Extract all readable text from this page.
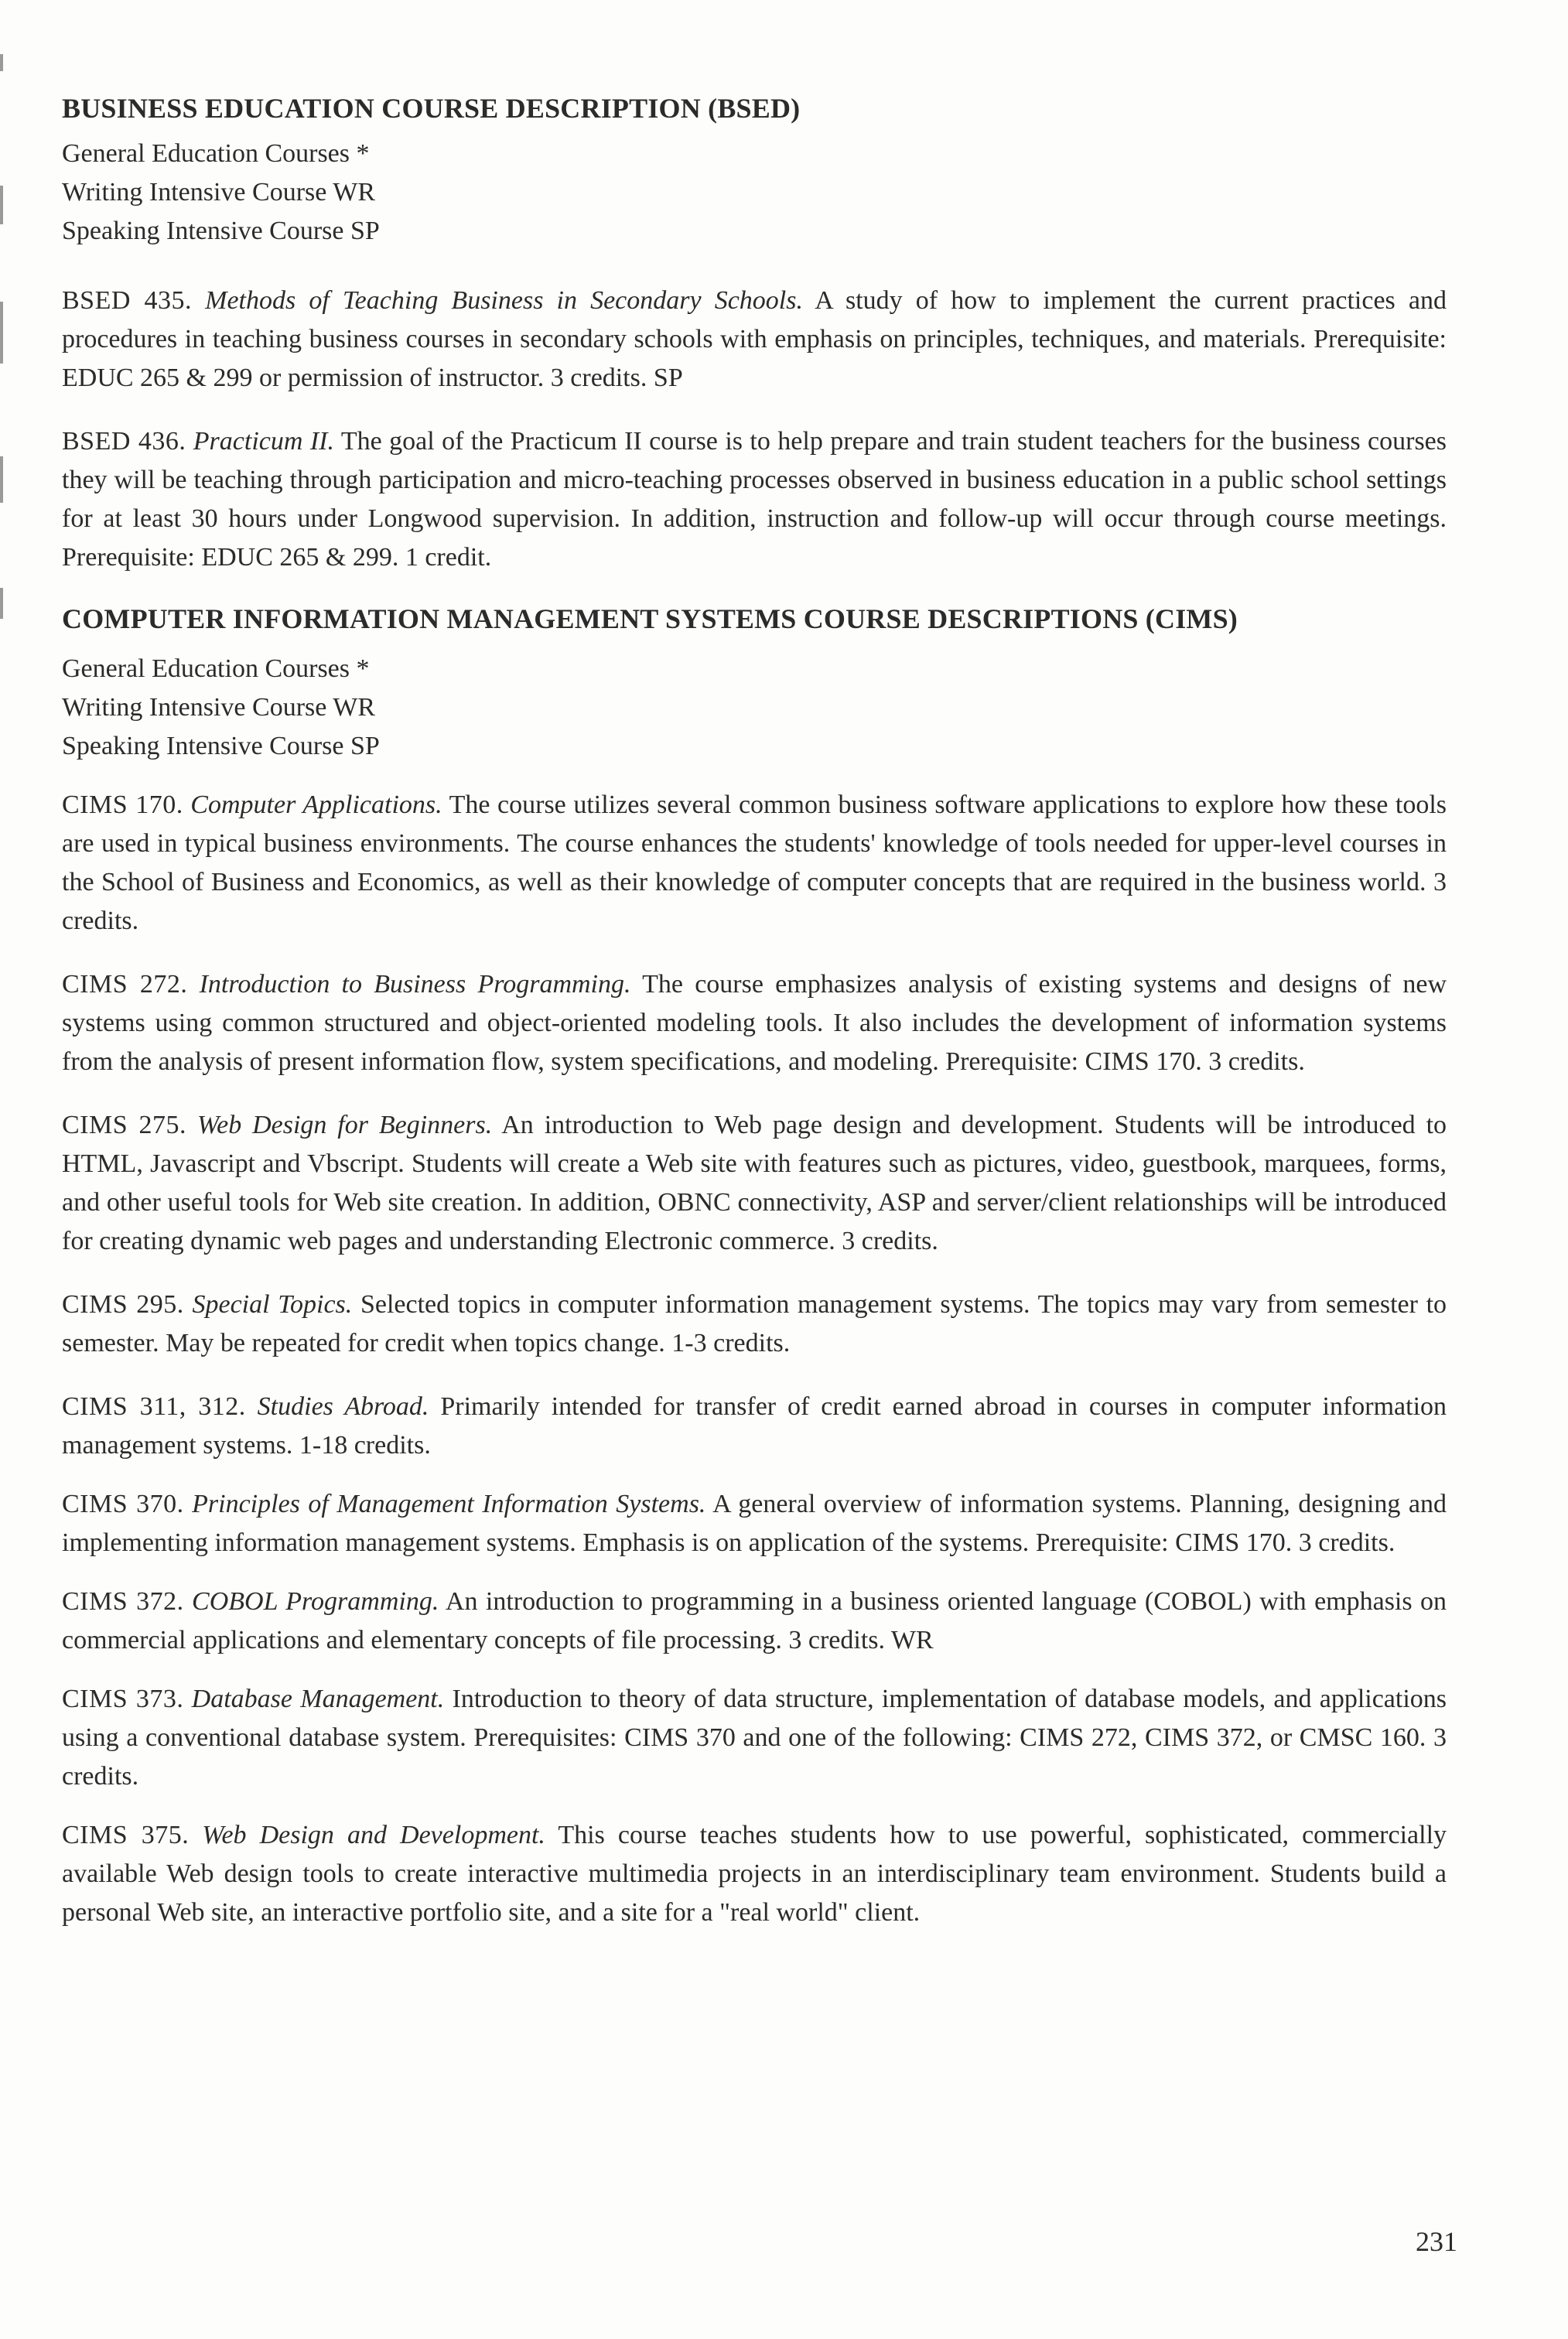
BUSINESS EDUCATION COURSE DESCRIPTION (BSED)
General Education Courses *
Writing Intensive Course WR
Speaking Intensive Course SP

BSED 435. Methods of Teaching Business in Secondary Schools. A study of how to implement the current practices and procedures in teaching business courses in secondary schools with emphasis on principles, techniques, and materials. Prerequisite: EDUC 265 & 299 or permission of instructor. 3 credits. SP

BSED 436. Practicum II. The goal of the Practicum II course is to help prepare and train student teachers for the business courses they will be teaching through participation and micro-teaching processes observed in business education in a public school settings for at least 30 hours under Longwood supervision. In addition, instruction and follow-up will occur through course meetings. Prerequisite: EDUC 265 & 299. 1 credit.

COMPUTER INFORMATION MANAGEMENT SYSTEMS COURSE DESCRIPTIONS (CIMS)
General Education Courses *
Writing Intensive Course WR
Speaking Intensive Course SP

CIMS 170. Computer Applications. The course utilizes several common business software applications to explore how these tools are used in typical business environments. The course enhances the students' knowledge of tools needed for upper-level courses in the School of Business and Economics, as well as their knowledge of computer concepts that are required in the business world. 3 credits.

CIMS 272. Introduction to Business Programming. The course emphasizes analysis of existing systems and designs of new systems using common structured and object-oriented modeling tools. It also includes the development of information systems from the analysis of present information flow, system specifications, and modeling. Prerequisite: CIMS 170. 3 credits.

CIMS 275. Web Design for Beginners. An introduction to Web page design and development. Students will be introduced to HTML, Javascript and Vbscript. Students will create a Web site with features such as pictures, video, guestbook, marquees, forms, and other useful tools for Web site creation. In addition, OBNC connectivity, ASP and server/client relationships will be introduced for creating dynamic web pages and understanding Electronic commerce. 3 credits.

CIMS 295. Special Topics. Selected topics in computer information management systems. The topics may vary from semester to semester. May be repeated for credit when topics change. 1-3 credits.

CIMS 311, 312. Studies Abroad. Primarily intended for transfer of credit earned abroad in courses in computer information management systems. 1-18 credits.

CIMS 370. Principles of Management Information Systems. A general overview of information systems. Planning, designing and implementing information management systems. Emphasis is on application of the systems. Prerequisite: CIMS 170. 3 credits.

CIMS 372. COBOL Programming. An introduction to programming in a business oriented language (COBOL) with emphasis on commercial applications and elementary concepts of file processing. 3 credits. WR

CIMS 373. Database Management. Introduction to theory of data structure, implementation of database models, and applications using a conventional database system. Prerequisites: CIMS 370 and one of the following: CIMS 272, CIMS 372, or CMSC 160. 3 credits.

CIMS 375. Web Design and Development. This course teaches students how to use powerful, sophisticated, commercially available Web design tools to create interactive multimedia projects in an interdisciplinary team environment. Students build a personal Web site, an interactive portfolio site, and a site for a "real world" client.

231
